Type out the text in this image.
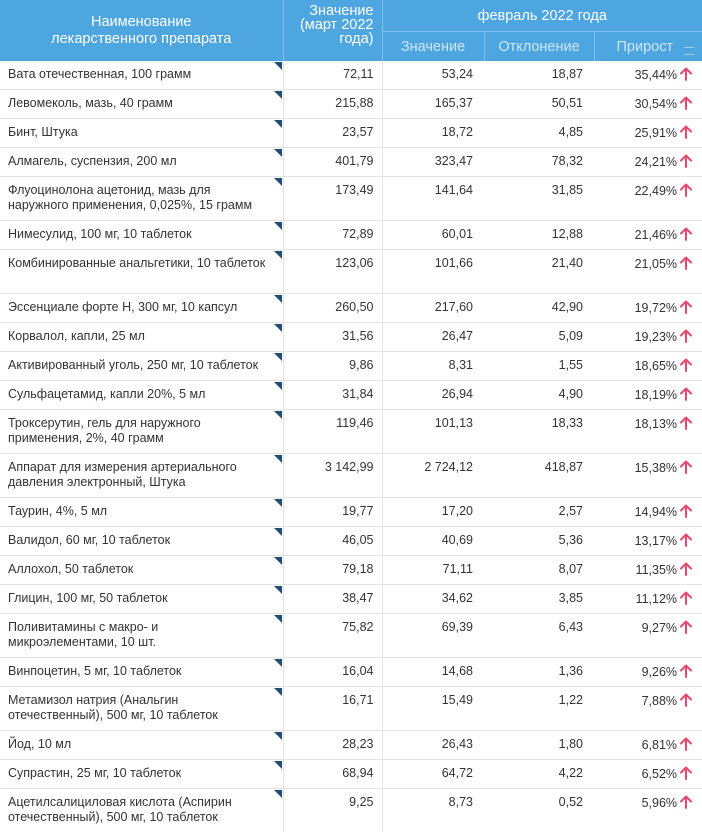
Наименование лекарственного препарата	Значение (март 2022 года)	февраль 2022 года		
		Значение	Отклонение	Прирост

Вата отечественная, 100 грамм	72,11	53,24	18,87	35,44%
Левомеколь, мазь, 40 грамм	215,88	165,37	50,51	30,54%
Бинт, Штука	23,57	18,72	4,85	25,91%
Алмагель, суспензия, 200 мл	401,79	323,47	78,32	24,21%
Флуоцинолона ацетонид, мазь для наружного применения, 0,025%, 15 грамм	173,49	141,64	31,85	22,49%
Нимесулид, 100 мг, 10 таблеток	72,89	60,01	12,88	21,46%
Комбинированные анальгетики, 10 таблеток	123,06	101,66	21,40	21,05%
Эссенциале форте Н, 300 мг, 10 капсул	260,50	217,60	42,90	19,72%
Корвалол, капли, 25 мл	31,56	26,47	5,09	19,23%
Активированный уголь, 250 мг, 10 таблеток	9,86	8,31	1,55	18,65%
Сульфацетамид, капли 20%, 5 мл	31,84	26,94	4,90	18,19%
Троксерутин, гель для наружного применения, 2%, 40 грамм	119,46	101,13	18,33	18,13%
Аппарат для измерения артериального давления электронный, Штука	3 142,99	2 724,12	418,87	15,38%
Таурин, 4%, 5 мл	19,77	17,20	2,57	14,94%
Валидол, 60 мг, 10 таблеток	46,05	40,69	5,36	13,17%
Аллохол, 50 таблеток	79,18	71,11	8,07	11,35%
Глицин, 100 мг, 50 таблеток	38,47	34,62	3,85	11,12%
Поливитамины с макро- и микроэлементами, 10 шт.	75,82	69,39	6,43	9,27%
Винпоцетин, 5 мг, 10 таблеток	16,04	14,68	1,36	9,26%
Метамизол натрия (Анальгин отечественный), 500 мг, 10 таблеток	16,71	15,49	1,22	7,88%
Йод, 10 мл	28,23	26,43	1,80	6,81%
Супрастин, 25 мг, 10 таблеток	68,94	64,72	4,22	6,52%
Ацетилсалициловая кислота (Аспирин отечественный), 500 мг, 10 таблеток	9,25	8,73	0,52	5,96%
